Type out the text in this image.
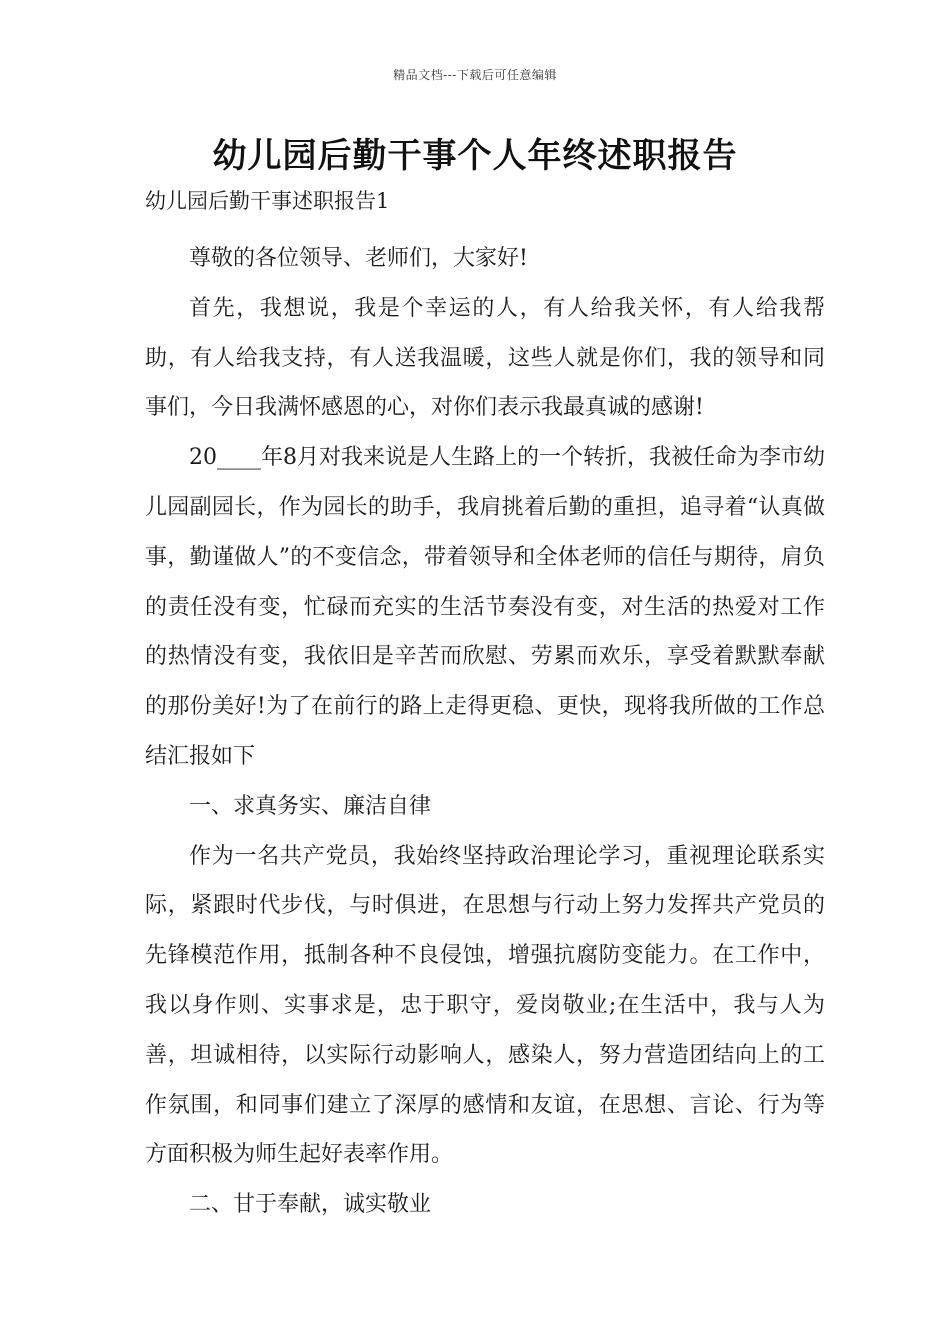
精品文档---下载后可任意编辑
幼儿园后勤干事个人年终述职报告

幼儿园后勤干事述职报告1

尊敬的各位领导、老师们，大家好!

首先，我想说，我是个幸运的人，有人给我关怀，有人给我帮助，有人给我支持，有人送我温暖，这些人就是你们，我的领导和同事们，今日我满怀感恩的心，对你们表示我最真诚的感谢!

20____年8月对我来说是人生路上的一个转折，我被任命为李市幼儿园副园长，作为园长的助手，我肩挑着后勤的重担，追寻着“认真做事，勤谨做人”的不变信念，带着领导和全体老师的信任与期待，肩负的责任没有变，忙碌而充实的生活节奏没有变，对生活的热爱对工作的热情没有变，我依旧是辛苦而欣慰、劳累而欢乐，享受着默默奉献的那份美好!为了在前行的路上走得更稳、更快，现将我所做的工作总结汇报如下

一、求真务实、廉洁自律

作为一名共产党员，我始终坚持政治理论学习，重视理论联系实际，紧跟时代步伐，与时俱进，在思想与行动上努力发挥共产党员的先锋模范作用，抵制各种不良侵蚀，增强抗腐防变能力。在工作中，我以身作则、实事求是，忠于职守，爱岗敬业;在生活中，我与人为善，坦诚相待，以实际行动影响人，感染人，努力营造团结向上的工作氛围，和同事们建立了深厚的感情和友谊，在思想、言论、行为等方面积极为师生起好表率作用。

二、甘于奉献，诚实敬业
